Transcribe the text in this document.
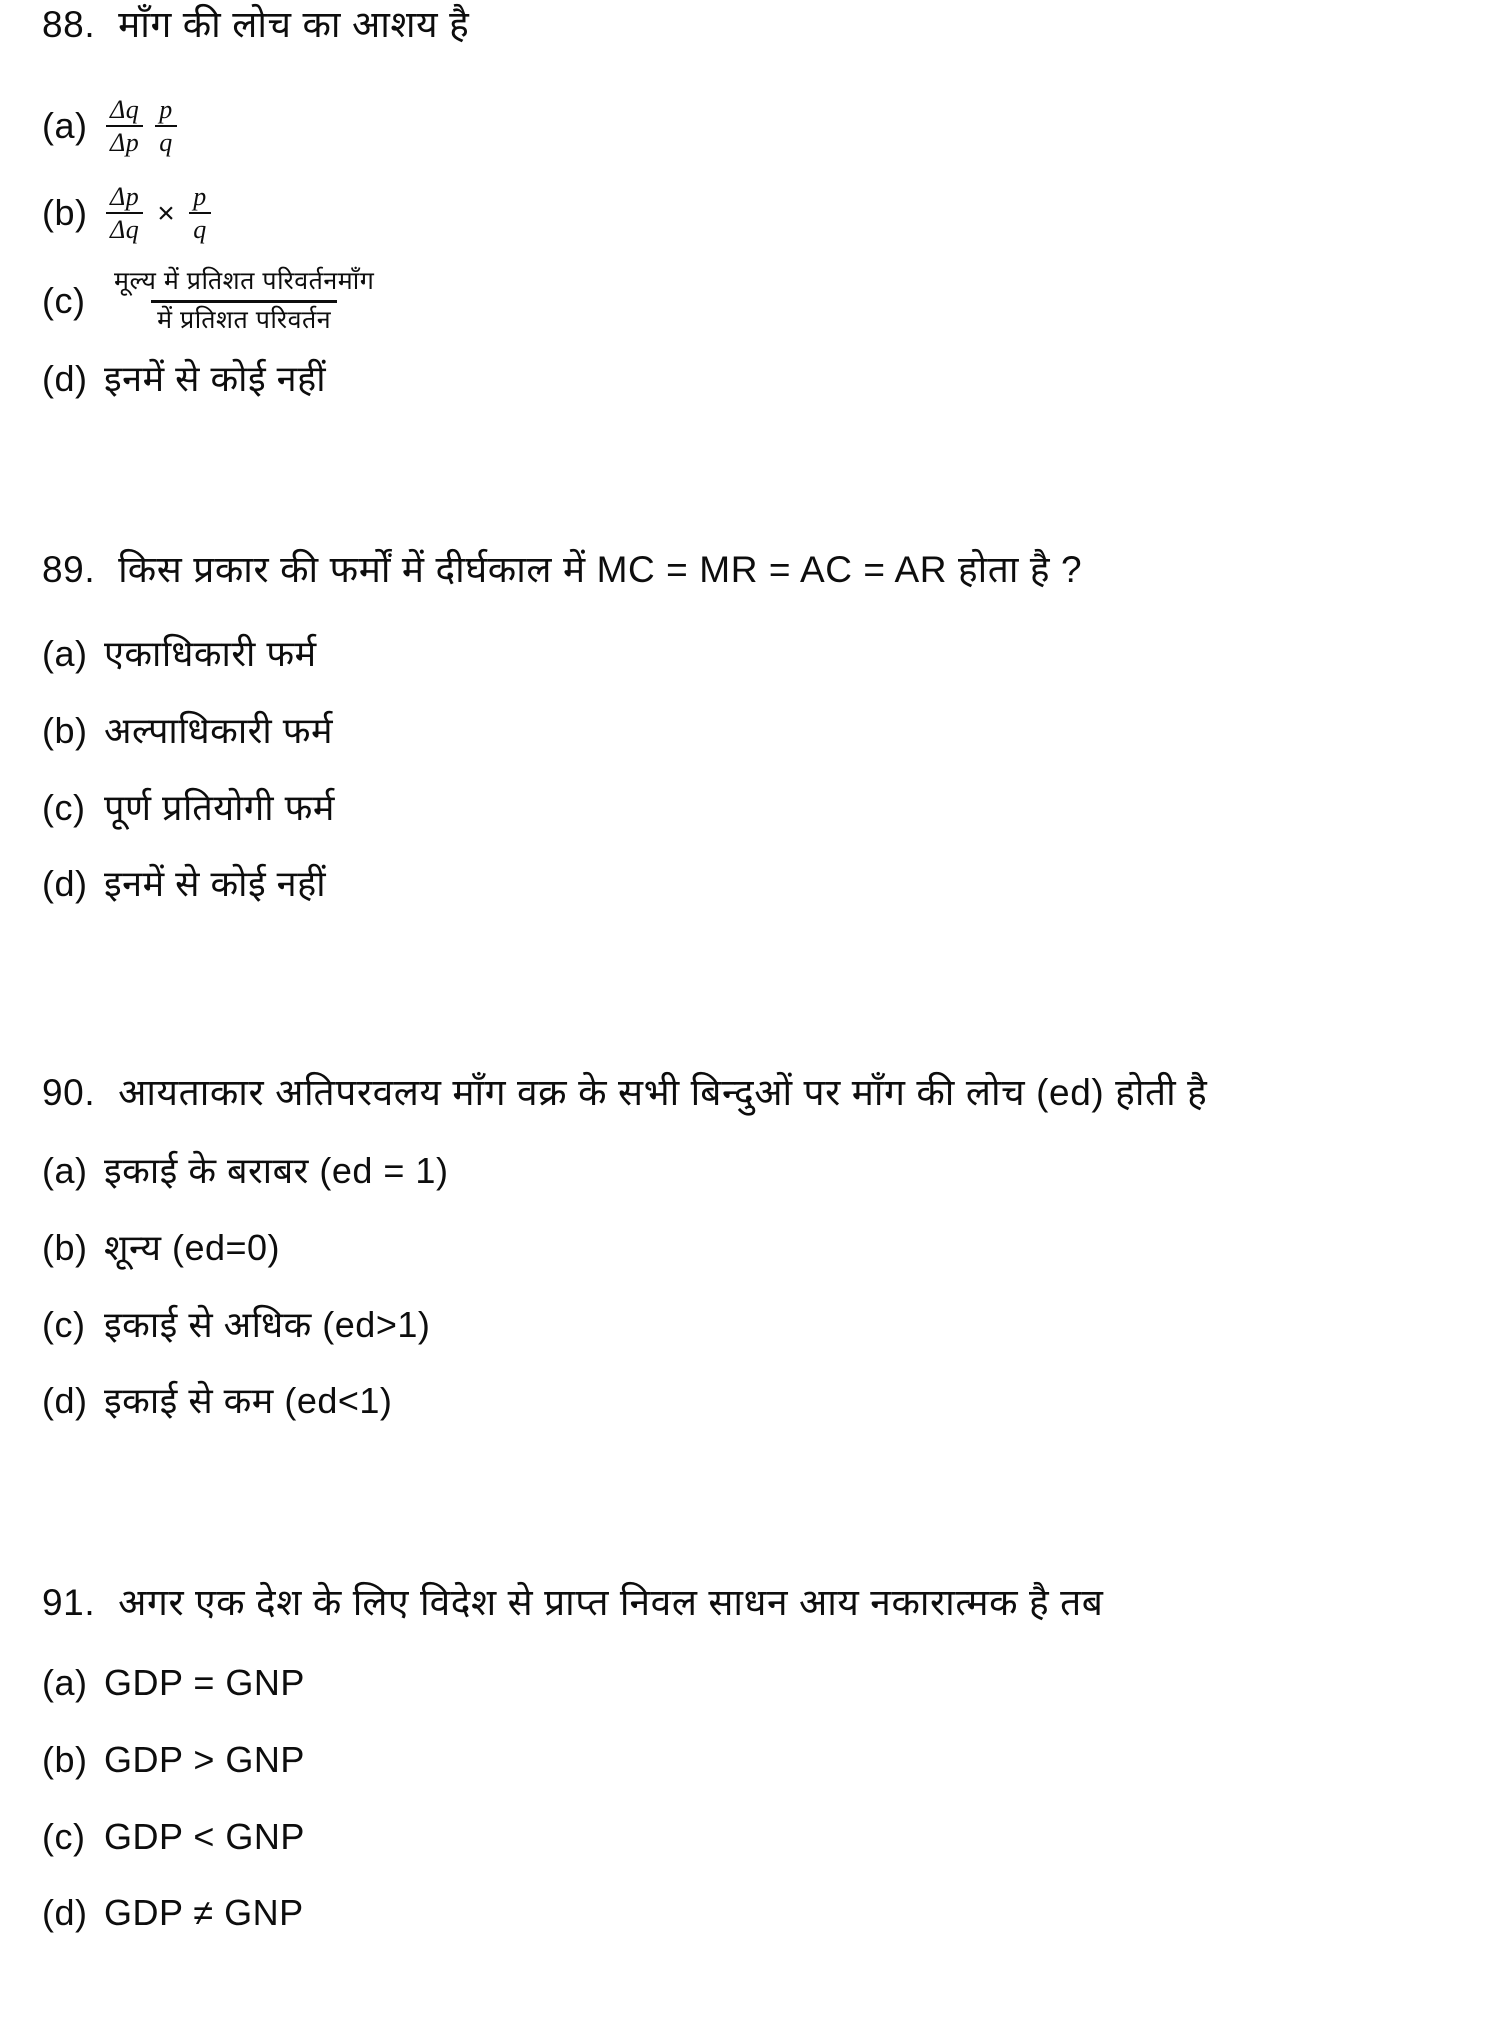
88. माँग की लोच का आशय है
$(a) \frac{\Delta q}{\Delta p} \frac{p}{q}$
$(b) \frac{\Delta p}{\Delta q} \times \frac{p}{q}$
$(c) \frac{\text{मूल्य में प्रतिशत परिवर्तनमाँग}}{\text{में प्रतिशत परिवर्तन}}$
(d) इनमें से कोई नहीं
89. किस प्रकार की फर्मों में दीर्घकाल में MC = MR = AC = AR होता है ?
(a) एकाधिकारी फर्म
(b) अल्पाधिकारी फर्म
(c) पूर्ण प्रतियोगी फर्म
(d) इनमें से कोई नहीं
90. आयताकार अतिपरवलय माँग वक्र के सभी बिन्दुओं पर माँग की लोच (ed) होती है
(a) इकाई के बराबर (ed = 1)
(b) शून्य (ed=0)
(c) इकाई से अधिक (ed>1)
(d) इकाई से कम (ed<1)
91. अगर एक देश के लिए विदेश से प्राप्त निवल साधन आय नकारात्मक है तब
(a) GDP = GNP
(b) GDP > GNP
(c) GDP < GNP
(d) GDP ≠ GNP
